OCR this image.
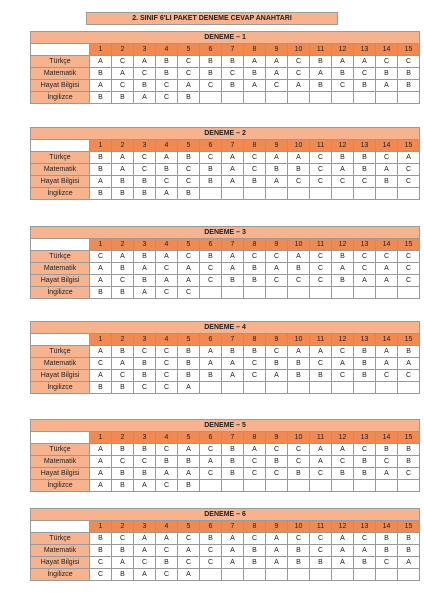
2. SINIF 6'LI PAKET DENEME CEVAP ANAHTARI
DENEME – 1															
	1	2	3	4	5	6	7	8	9	10	11	12	13	14	15
Türkçe	A	C	A	B	C	B	B	A	A	C	B	A	A	C	C
Matematik	B	A	C	B	C	B	C	B	A	C	A	B	C	B	B
Hayat Bilgisi	A	C	B	C	A	C	B	A	C	A	B	C	B	A	B
İngilizce	B	B	A	C	B										
DENEME – 2															
	1	2	3	4	5	6	7	8	9	10	11	12	13	14	15
Türkçe	B	A	C	A	B	C	A	C	A	A	C	B	B	C	A
Matematik	B	A	C	B	C	B	A	C	B	B	C	A	B	A	C
Hayat Bilgisi	A	B	B	C	C	B	A	B	A	C	C	C	C	B	C
İngilizce	B	B	B	A	B										
DENEME – 3															
	1	2	3	4	5	6	7	8	9	10	11	12	13	14	15
Türkçe	C	A	B	A	C	B	A	C	C	A	C	B	C	C	C
Matematik	A	B	A	C	A	C	A	B	A	B	C	A	C	A	C
Hayat Bilgisi	A	C	B	A	A	C	B	B	C	C	C	B	A	A	C
İngilizce	B	B	A	C	C										
DENEME – 4															
	1	2	3	4	5	6	7	8	9	10	11	12	13	14	15
Türkçe	A	B	C	C	B	A	B	B	C	A	A	C	B	A	B
Matematik	C	A	B	C	B	A	A	C	B	B	C	A	B	A	A
Hayat Bilgisi	A	C	B	C	B	B	A	C	A	B	B	C	B	C	C
İngilizce	B	B	C	C	A										
DENEME – 5															
	1	2	3	4	5	6	7	8	9	10	11	12	13	14	15
Türkçe	A	B	B	C	A	C	B	A	C	C	A	A	C	B	B
Matematik	A	C	C	B	B	A	B	C	B	C	A	C	B	C	B
Hayat Bilgisi	A	B	B	A	A	C	B	C	C	B	C	B	B	A	C
İngilizce	A	B	A	C	B										
DENEME – 6															
	1	2	3	4	5	6	7	8	9	10	11	12	13	14	15
Türkçe	B	C	A	A	C	B	A	C	A	C	C	A	C	B	B
Matematik	B	B	A	C	A	C	A	B	A	B	C	A	A	B	B
Hayat Bilgisi	C	A	C	B	C	C	A	B	A	B	B	A	B	C	A
İngilizce	C	B	A	C	A										
